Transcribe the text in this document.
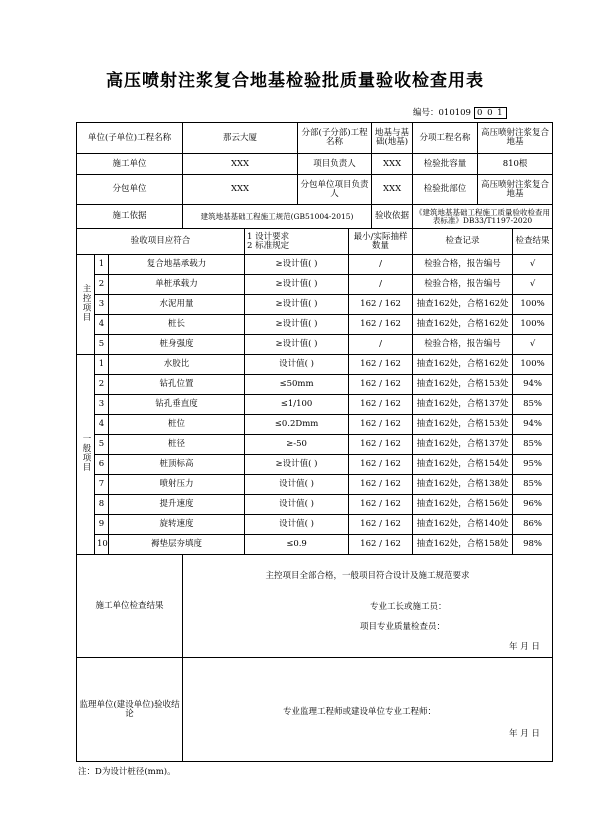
高压喷射注浆复合地基检验批质量验收检查用表
编号：010109 0 0 1
单位(子单位)工程名称			那云大厦		分部(子分部)工程名称		地基与基础(地基)	分项工程名称	高压喷射注浆复合地基	
施工单位			XXX		项目负责人		XXX	检验批容量	810根	
分包单位			XXX		分包单位项目负责人		XXX	检验批部位	高压喷射注浆复合地基	
施工依据			建筑地基基础工程施工规范(GB51004-2015)				验收依据	《建筑地基基础工程施工质量验收检查用表标准》DB33/T1197-2020		
验收项目应符合				1 设计要求
2 标准规定		最小/实际抽样数量		检查记录		检查结果
主控项目	1	复合地基承载力		≥设计值( )		/		检验合格，报告编号		√
	2	单桩承载力		≥设计值( )		/		检验合格，报告编号		√
	3	水泥用量		≥设计值( )		162 / 162		抽查162处，合格162处		100%
	4	桩长		≥设计值( )		162 / 162		抽查162处，合格162处		100%
	5	桩身强度		≥设计值( )		/		检验合格，报告编号		√
一般项目	1	水胶比		设计值( )		162 / 162		抽查162处，合格162处		100%
	2	钻孔位置		≤50mm		162 / 162		抽查162处，合格153处		94%
	3	钻孔垂直度		≤1/100		162 / 162		抽查162处，合格137处		85%
	4	桩位		≤0.2Dmm		162 / 162		抽查162处，合格153处		94%
	5	桩径		≥-50		162 / 162		抽查162处，合格137处		85%
	6	桩顶标高		≥设计值( )		162 / 162		抽查162处，合格154处		95%
	7	喷射压力		设计值( )		162 / 162		抽查162处，合格138处		85%
	8	提升速度		设计值( )		162 / 162		抽查162处，合格156处		96%
	9	旋转速度		设计值( )		162 / 162		抽查162处，合格140处		86%
	10	褥垫层夯填度		≤0.9		162 / 162		抽查162处，合格158处		98%
施工单位检查结果			主控项目全部合格，一般项目符合设计及施工规范要求
专业工长或施工员：
项目专业质量检查员：
年 月 日							

监理单位(建设单位)验收结论			专业监理工程师或建设单位专业工程师：
年 月 日							
注：D为设计桩径(mm)。
